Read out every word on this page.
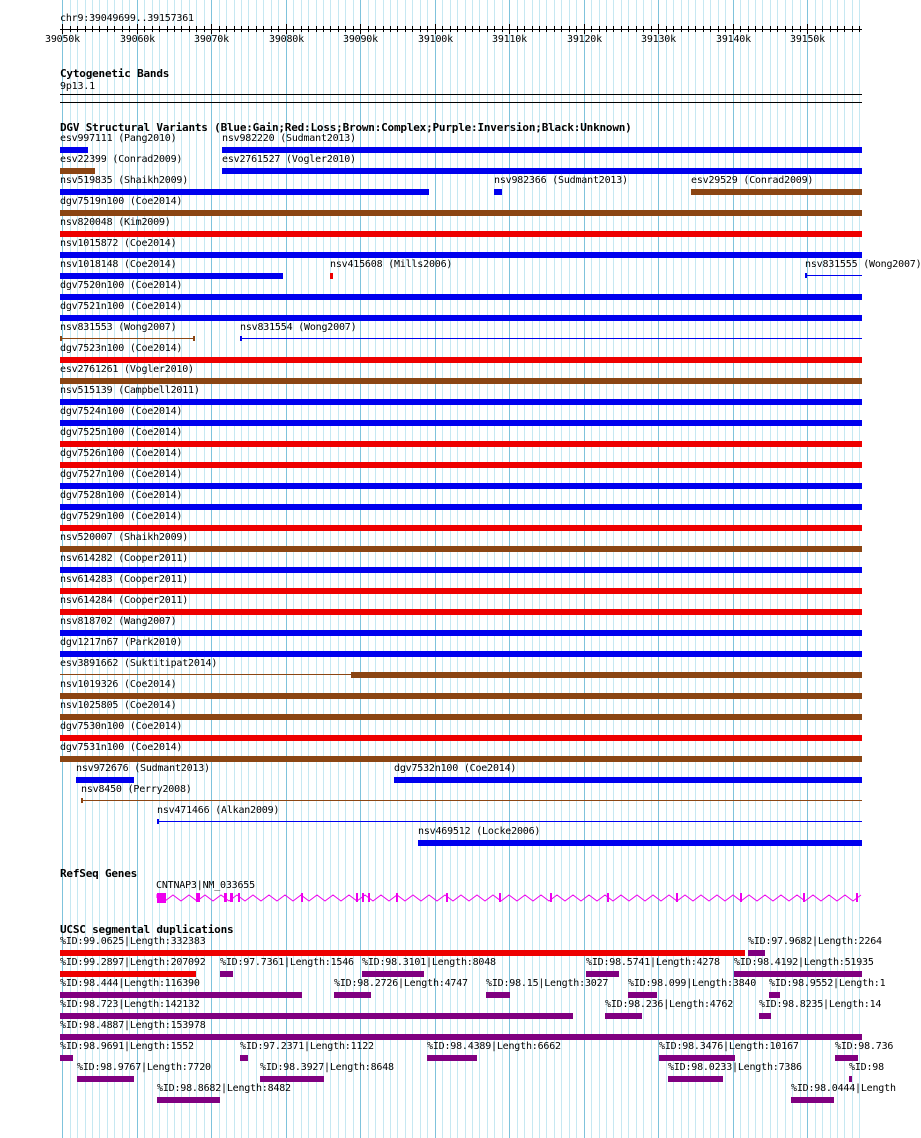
chr9:39049699..39157361
Cytogenetic Bands
9p13.1
DGV Structural Variants (Blue:Gain;Red:Loss;Brown:Complex;Purple:Inversion;Black:Unknown)
RefSeq Genes
CNTNAP3|NM_033655
UCSC segmental duplications
39050k	39060k	39070k	39080k	39090k	39100k	39110k	39120k	39130k	39140k	39150k
esv997111 (Pang2010)	nsv982220 (Sudmant2013)
esv22399 (Conrad2009)	esv2761527 (Vogler2010)
nsv519835 (Shaikh2009)	nsv982366 (Sudmant2013)	esv29529 (Conrad2009)
dgv7519n100 (Coe2014)
nsv820048 (Kim2009)
nsv1015872 (Coe2014)
nsv1018148 (Coe2014)	nsv415608 (Mills2006)	nsv831555 (Wong2007)
dgv7520n100 (Coe2014)
dgv7521n100 (Coe2014)
nsv831553 (Wong2007)	nsv831554 (Wong2007)
dgv7523n100 (Coe2014)
esv2761261 (Vogler2010)
nsv515139 (Campbell2011)
dgv7524n100 (Coe2014)
dgv7525n100 (Coe2014)
dgv7526n100 (Coe2014)
dgv7527n100 (Coe2014)
dgv7528n100 (Coe2014)
dgv7529n100 (Coe2014)
nsv520007 (Shaikh2009)
nsv614282 (Cooper2011)
nsv614283 (Cooper2011)
nsv614284 (Cooper2011)
nsv818702 (Wang2007)
dgv1217n67 (Park2010)
esv3891662 (Suktitipat2014)
nsv1019326 (Coe2014)
nsv1025805 (Coe2014)
dgv7530n100 (Coe2014)
dgv7531n100 (Coe2014)
nsv972676 (Sudmant2013)	dgv7532n100 (Coe2014)
nsv8450 (Perry2008)
nsv471466 (Alkan2009)
nsv469512 (Locke2006)
%ID:99.0625|Length:332383	%ID:97.9682|Length:2264
%ID:99.2897|Length:207092 %ID:97.7361|Length:1546 %ID:98.3101|Length:8048	%ID:98.5741|Length:4278 %ID:98.4192|Length:51935
%ID:98.444|Length:116390	%ID:98.2726|Length:4747 %ID:98.15|Length:3027 %ID:98.099|Length:3840 %ID:98.9552|Length:1
%ID:98.723|Length:142132	%ID:98.236|Length:4762	%ID:98.8235|Length:14
%ID:98.4887|Length:153978
%ID:98.9691|Length:1552	%ID:97.2371|Length:1122	%ID:98.4389|Length:6662	%ID:98.3476|Length:10167	%ID:98.736
%ID:98.9767|Length:7720	%ID:98.3927|Length:8648	%ID:98.0233|Length:7386	%ID:98
%ID:98.8682|Length:8482	%ID:98.0444|Length
